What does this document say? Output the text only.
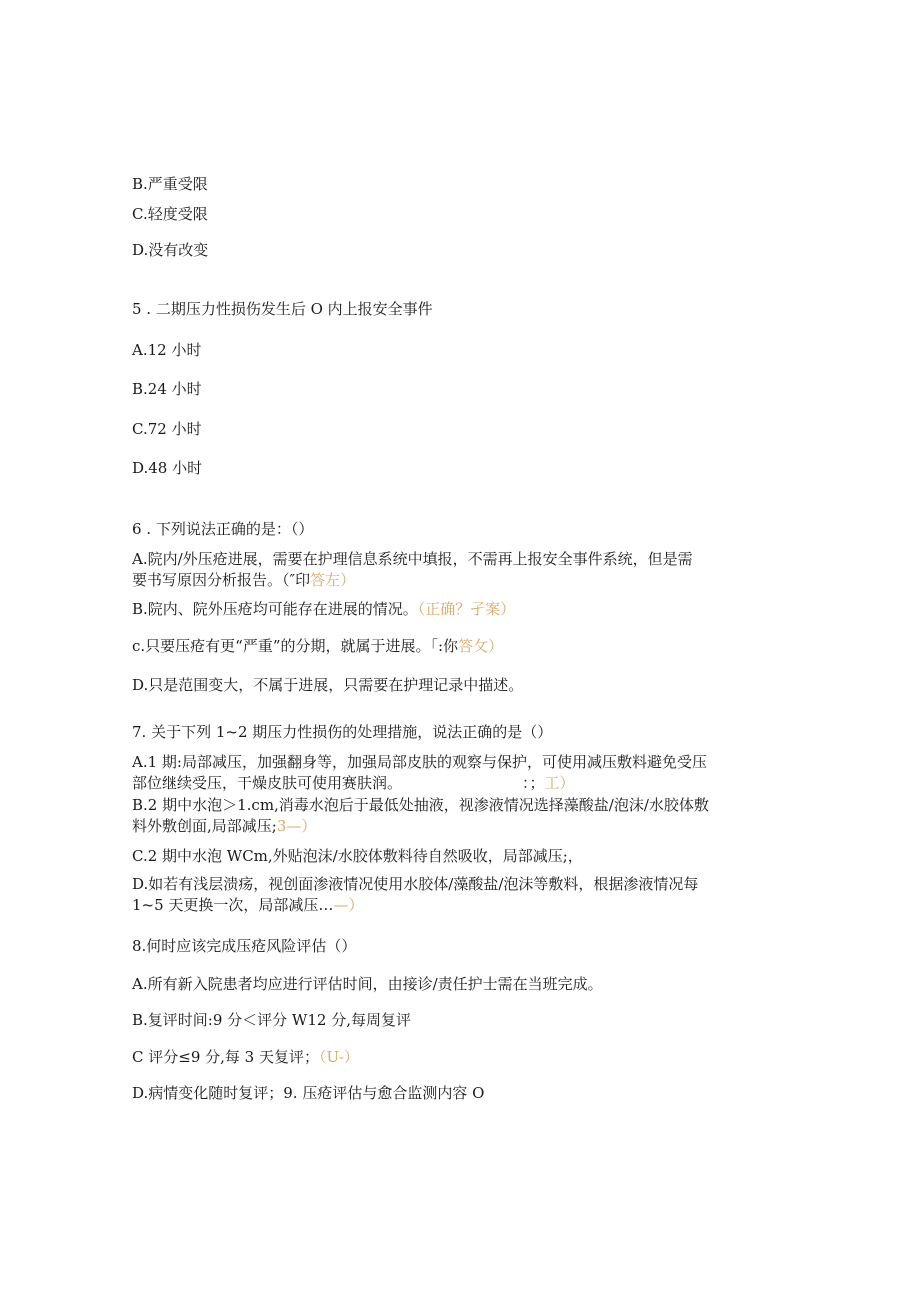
B.严重受限
C.轻度受限
D.没有改变
5 . 二期压力性损伤发生后 O 内上报安全事件
A.12 小时
B.24 小时
C.72 小时
D.48 小时
6 . 下列说法正确的是：（）
A.院内/外压疮进展，需要在护理信息系统中填报，不需再上报安全事件系统，但是需
要书写原因分析报告。（″印答左）
B.院内、院外压疮均可能存在进展的情况。（正确？孑案）
c.只要压疮有更“严重”的分期，就属于进展。「:你答攵）
D.只是范围变大，不属于进展，只需要在护理记录中描述。
7. 关于下列 1~2 期压力性损伤的处理措施，说法正确的是（）
A.1 期:局部减压，加强翻身等，加强局部皮肤的观察与保护，可使用减压敷料避免受压
部位继续受压，干燥皮肤可使用赛肤润。	：；工）
B.2 期中水泡＞1.cm,消毒水泡后于最低处抽液，视渗液情况选择藻酸盐/泡沫/水胶体敷
料外敷创面,局部减压;3—）
C.2 期中水泡 WCm,外贴泡沫/水胶体敷料待自然吸收，局部减压;，
D.如若有浅层溃疡，视创面渗液情况使用水胶体/藻酸盐/泡沫等敷料，根据渗液情况每
1~5 天更换一次，局部减压…—）
8.何时应该完成压疮风险评估（）
A.所有新入院患者均应进行评估时间，由接诊/责任护士需在当班完成。
B.复评时间:9 分＜评分 W12 分,每周复评
C 评分≤9 分,每 3 天复评；（U-）
D.病情变化随时复评；9. 压疮评估与愈合监测内容 O
